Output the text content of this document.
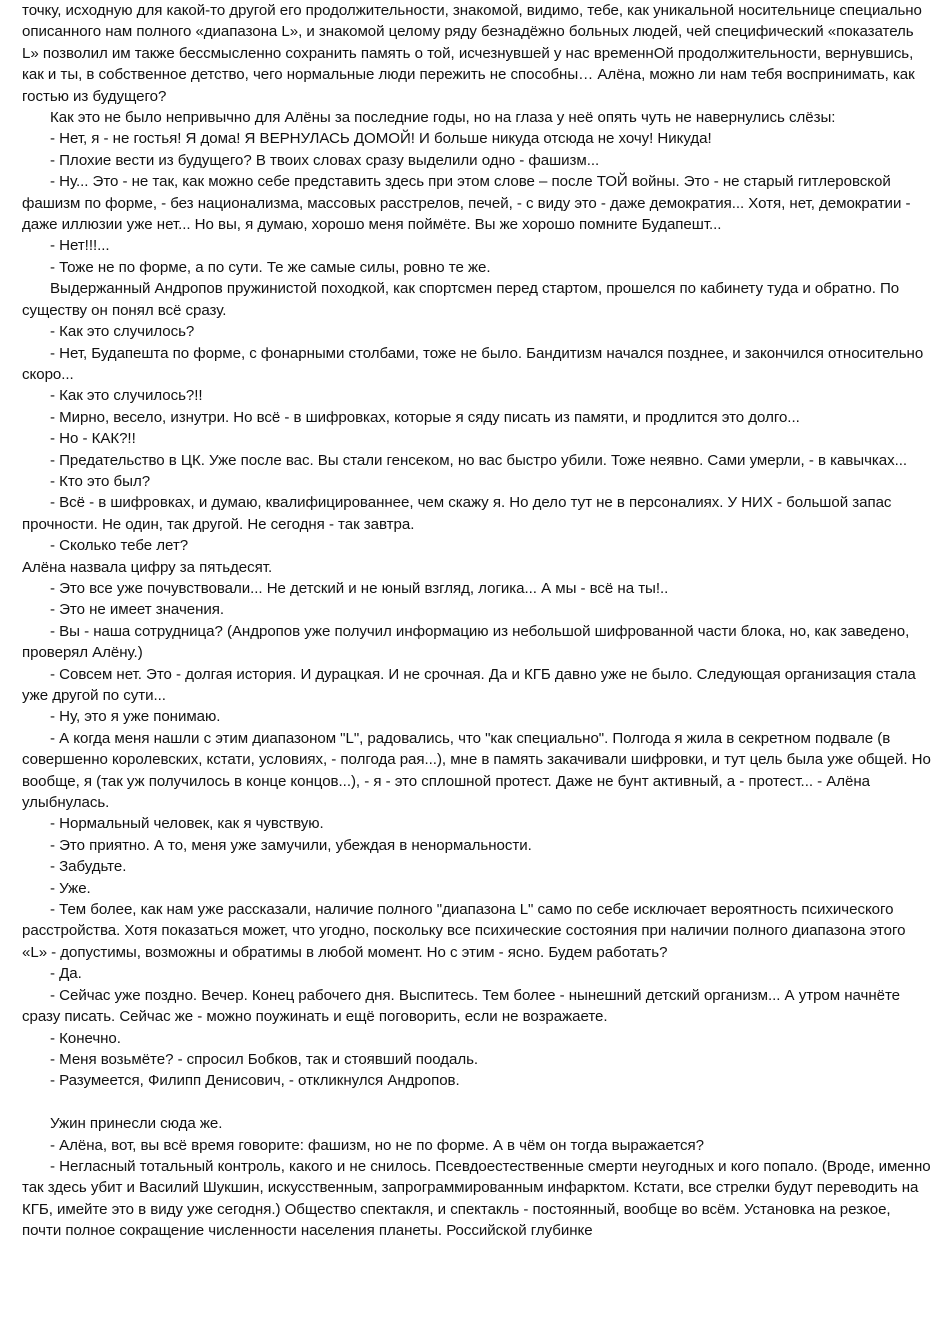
точку, исходную для какой-то другой его продолжительности, знакомой, видимо, тебе, как уникальной носительнице специально описанного нам полного «диапазона L», и знакомой целому ряду безнадёжно больных людей, чей специфический «показатель L» позволил им также бессмысленно сохранить память о той, исчезнувшей у нас временнОй продолжительности, вернувшись, как и ты, в собственное детство, чего нормальные люди пережить не способны… Алёна, можно ли нам тебя воспринимать, как гостью из будущего?

Как это не было непривычно для Алёны за последние годы, но на глаза у неё опять чуть не навернулись слёзы:

- Нет, я - не гостья! Я дома! Я ВЕРНУЛАСЬ ДОМОЙ! И больше никуда отсюда не хочу! Никуда!

- Плохие вести из будущего? В твоих словах сразу выделили одно - фашизм...

- Ну... Это - не так, как можно себе представить здесь при этом слове – после ТОЙ войны. Это - не старый гитлеровской фашизм по форме, - без национализма, массовых расстрелов, печей, - с виду это - даже демократия... Хотя, нет, демократии - даже иллюзии уже нет... Но вы, я думаю, хорошо меня поймёте. Вы же хорошо помните Будапешт...

- Нет!!!...

- Тоже не по форме, а по сути. Те же самые силы, ровно те же.

Выдержанный Андропов пружинистой походкой, как спортсмен перед стартом, прошелся по кабинету туда и обратно. По существу он понял всё сразу.

- Как это случилось?

- Нет, Будапешта по форме, с фонарными столбами, тоже не было. Бандитизм начался позднее, и закончился относительно скоро...

- Как это случилось?!!

- Мирно, весело, изнутри. Но всё - в шифровках, которые я сяду писать из памяти, и продлится это долго...

- Но - КАК?!!

- Предательство в ЦК. Уже после вас. Вы стали генсеком, но вас быстро убили. Тоже неявно. Сами умерли, - в кавычках...

- Кто это был?

- Всё - в шифровках, и думаю, квалифицированнее, чем скажу я. Но дело тут не в персоналиях. У НИХ - большой запас прочности. Не один, так другой. Не сегодня - так завтра.

- Сколько тебе лет?

Алёна назвала цифру за пятьдесят.

- Это все уже почувствовали... Не детский и не юный взгляд, логика... А мы - всё на ты!..

- Это не имеет значения.

- Вы - наша сотрудница? (Андропов уже получил информацию из небольшой шифрованной части блока, но, как заведено, проверял Алёну.)

- Совсем нет. Это - долгая история. И дурацкая. И не срочная. Да и КГБ давно уже не было. Следующая организация стала уже другой по сути...

- Ну, это я уже понимаю.

- А когда меня нашли с этим диапазоном "L", радовались, что "как специально". Полгода я жила в секретном подвале (в совершенно королевских, кстати, условиях, - полгода рая...), мне в память закачивали шифровки, и тут цель была уже общей. Но вообще, я (так уж получилось в конце концов...), - я - это сплошной протест. Даже не бунт активный, а - протест... - Алёна улыбнулась.

- Нормальный человек, как я чувствую.

- Это приятно. А то, меня уже замучили, убеждая в ненормальности.

- Забудьте.

- Уже.

- Тем более, как нам уже рассказали, наличие полного "диапазона L" само по себе исключает вероятность психического расстройства. Хотя показаться может, что угодно, поскольку все психические состояния при наличии полного диапазона этого «L» - допустимы, возможны и обратимы в любой момент. Но с этим - ясно. Будем работать?

- Да.

- Сейчас уже поздно. Вечер. Конец рабочего дня. Выспитесь. Тем более - нынешний детский организм... А утром начнёте сразу писать. Сейчас же - можно поужинать и ещё поговорить, если не возражаете.

- Конечно.

- Меня возьмёте? - спросил Бобков, так и стоявший поодаль.

- Разумеется, Филипп Денисович, - откликнулся Андропов.

Ужин принесли сюда же.

- Алёна, вот, вы всё время говорите: фашизм, но не по форме. А в чём он тогда выражается?

- Негласный тотальный контроль, какого и не снилось. Псевдоестественные смерти неугодных и кого попало. (Вроде, именно так здесь убит и Василий Шукшин, искусственным, запрограммированным инфарктом. Кстати, все стрелки будут переводить на КГБ, имейте это в виду уже сегодня.) Общество спектакля, и спектакль - постоянный, вообще во всём. Установка на резкое, почти полное сокращение численности населения планеты. Российской глубинке
